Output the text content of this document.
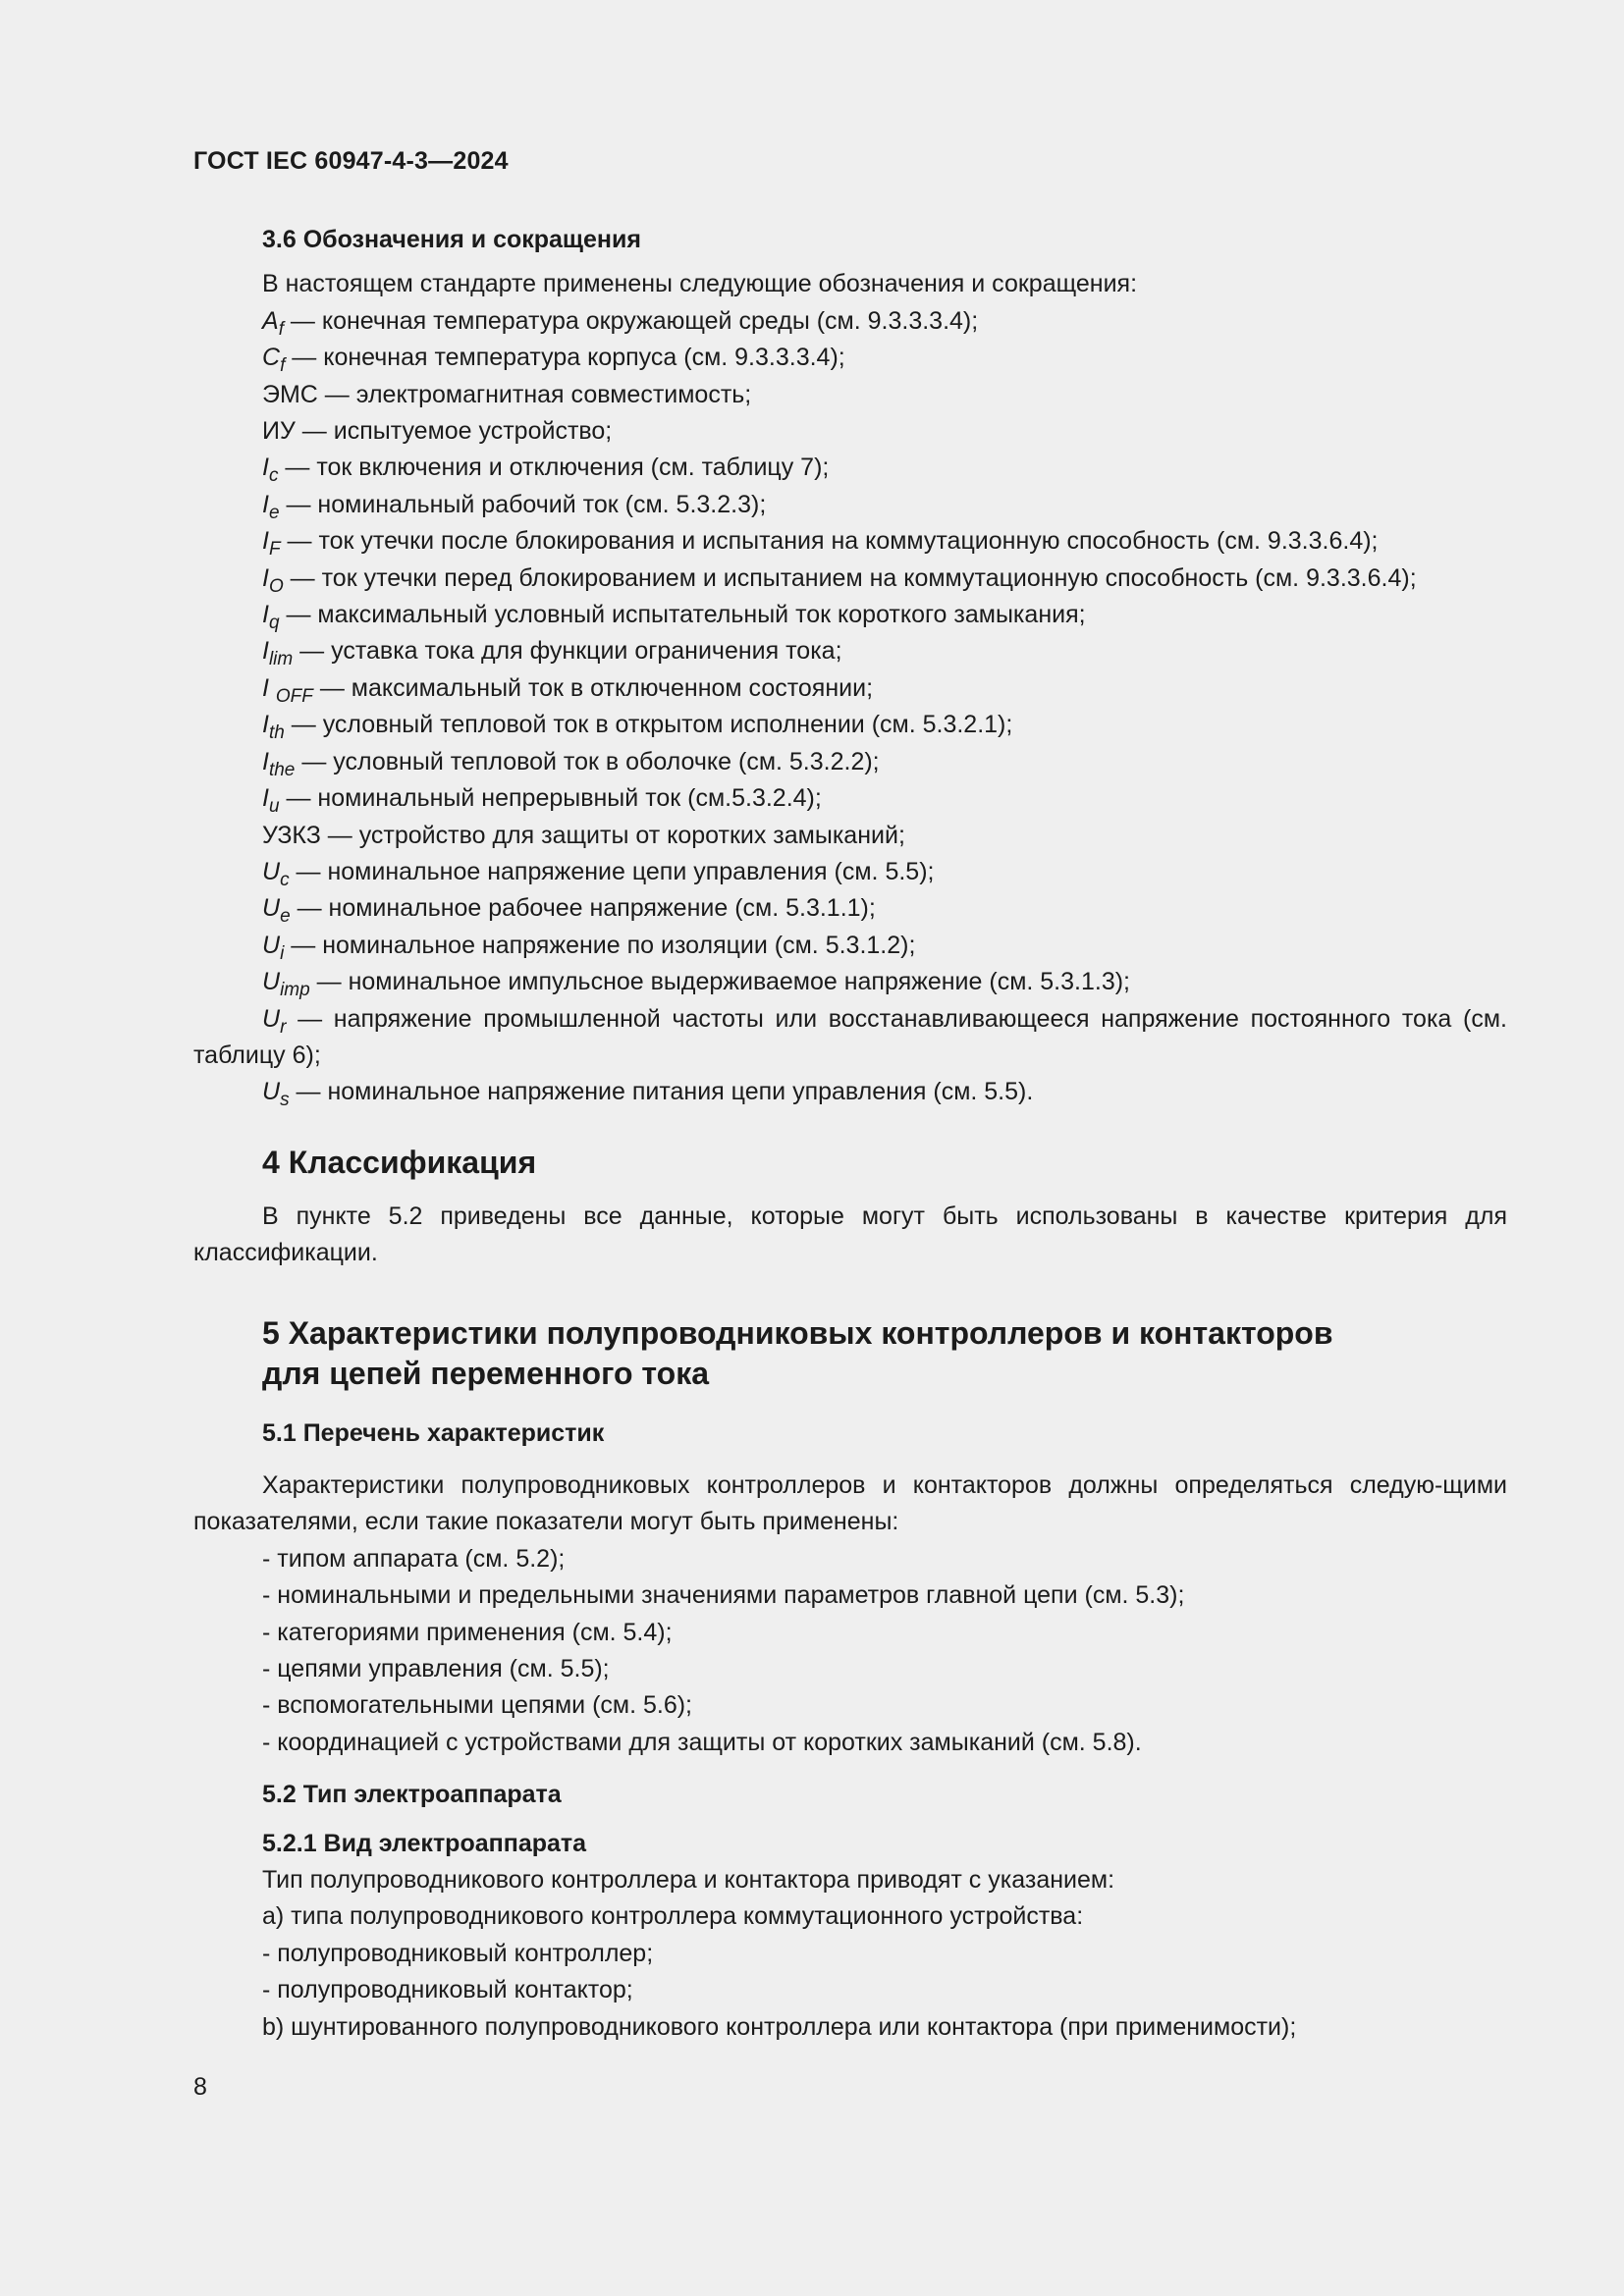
ГОСТ IEC 60947-4-3—2024
3.6 Обозначения и сокращения

В настоящем стандарте применены следующие обозначения и сокращения:

$A_f$ — конечная температура окружающей среды (см. 9.3.3.3.4);

$C_f$ — конечная температура корпуса (см. 9.3.3.3.4);

ЭМС — электромагнитная совместимость;

ИУ — испытуемое устройство;

$I_c$ — ток включения и отключения (см. таблицу 7);

$I_e$ — номинальный рабочий ток (см. 5.3.2.3);

$I_F$ — ток утечки после блокирования и испытания на коммутационную способность (см. 9.3.3.6.4);

$I_O$ — ток утечки перед блокированием и испытанием на коммутационную способность (см. 9.3.3.6.4);

$I_q$ — максимальный условный испытательный ток короткого замыкания;

$I_{lim}$ — уставка тока для функции ограничения тока;

I $_{OFF}$ — максимальный ток в отключенном состоянии;

$I_{th}$ — условный тепловой ток в открытом исполнении (см. 5.3.2.1);

$I_{the}$ — условный тепловой ток в оболочке (см. 5.3.2.2);

$I_u$ — номинальный непрерывный ток (см.5.3.2.4);

УЗКЗ — устройство для защиты от коротких замыканий;

$U_c$ — номинальное напряжение цепи управления (см. 5.5);

$U_e$ — номинальное рабочее напряжение (см. 5.3.1.1);

$U_i$ — номинальное напряжение по изоляции (см. 5.3.1.2);

$U_{imp}$ — номинальное импульсное выдерживаемое напряжение (см. 5.3.1.3);

$U_r$ — напряжение промышленной частоты или восстанавливающееся напряжение постоянного тока (см. таблицу 6);

$U_s$ — номинальное напряжение питания цепи управления (см. 5.5).

4 Классификация

В пункте 5.2 приведены все данные, которые могут быть использованы в качестве критерия для классификации.

5 Характеристики полупроводниковых контроллеров и контакторов
для цепей переменного тока
5.1 Перечень характеристик

Характеристики полупроводниковых контроллеров и контакторов должны определяться следую-щими показателями, если такие показатели могут быть применены:

- типом аппарата (см. 5.2);

- номинальными и предельными значениями параметров главной цепи (см. 5.3);

- категориями применения (см. 5.4);

- цепями управления (см. 5.5);

- вспомогательными цепями (см. 5.6);

- координацией с устройствами для защиты от коротких замыканий (см. 5.8).

5.2 Тип электроаппарата
5.2.1 Вид электроаппарата

Тип полупроводникового контроллера и контактора приводят с указанием:

а) типа полупроводникового контроллера коммутационного устройства:

- полупроводниковый контроллер;

- полупроводниковый контактор;

b) шунтированного полупроводникового контроллера или контактора (при применимости);

8
